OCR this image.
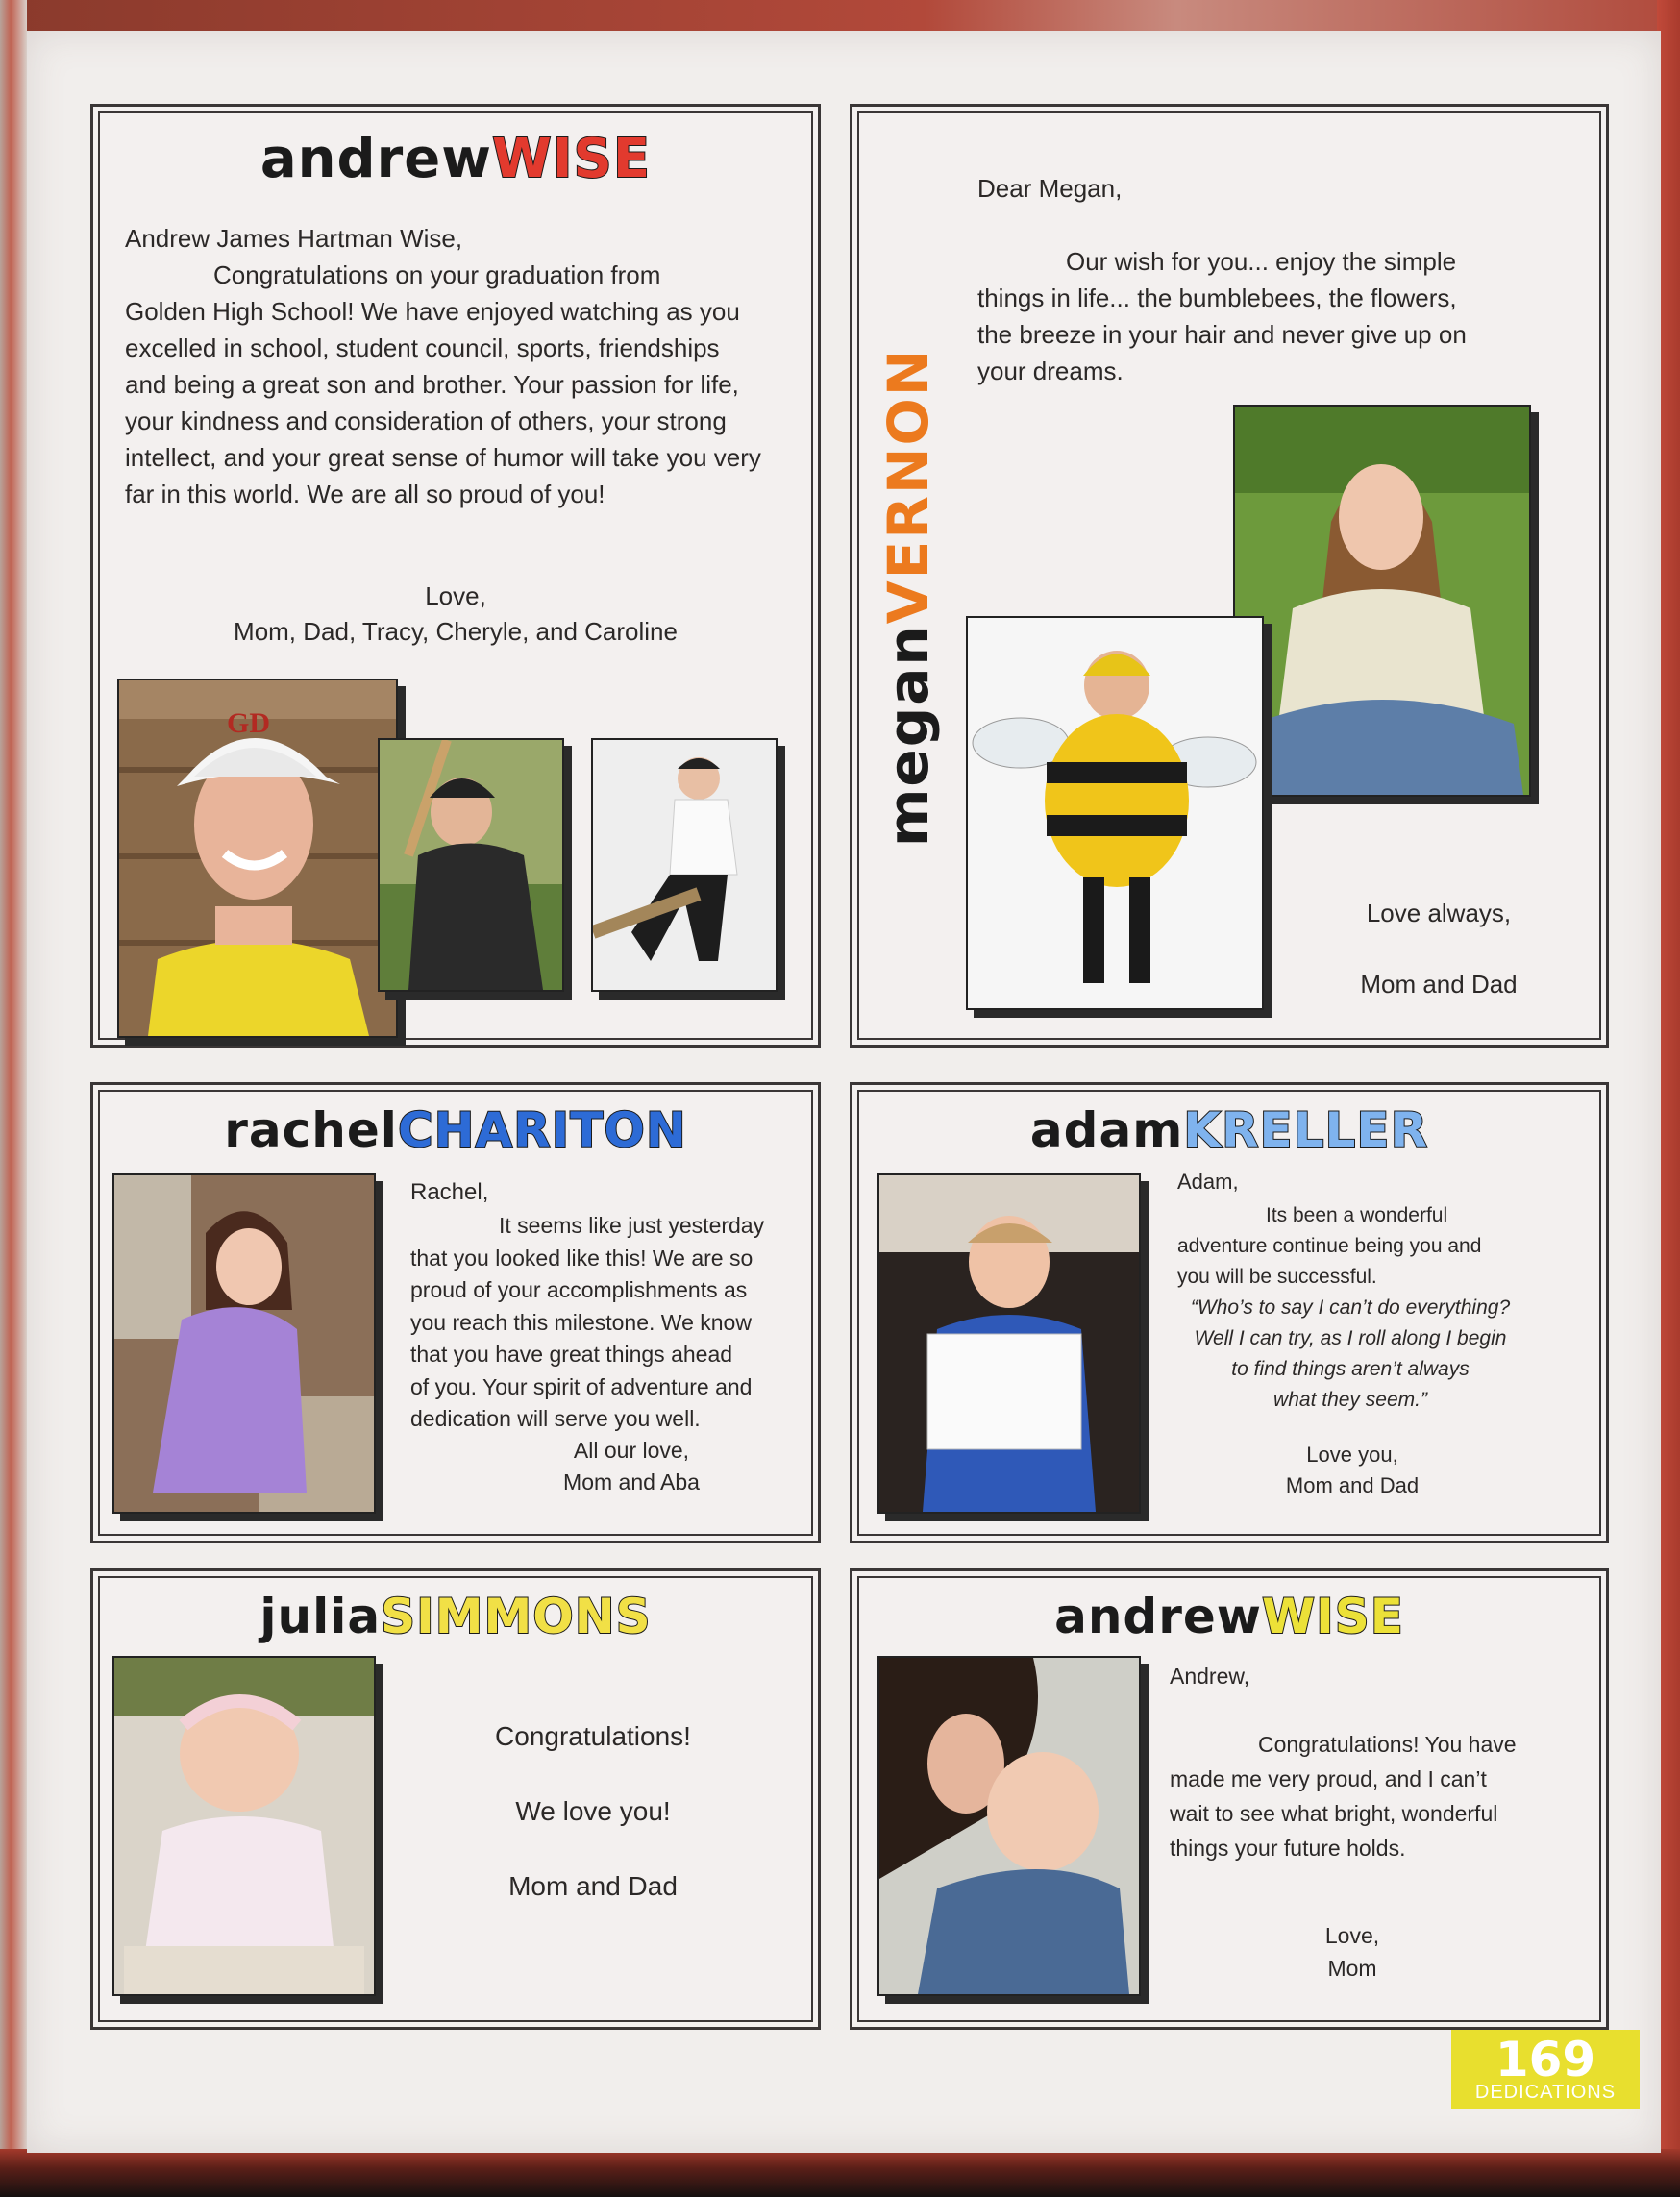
andrewWISE
Andrew James Hartman Wise,
Congratulations on your graduation from
Golden High School! We have enjoyed watching as you
excelled in school, student council, sports, friendships
and being a great son and brother. Your passion for life,
your kindness and consideration of others, your strong
intellect, and your great sense of humor will take you very
far in this world. We are all so proud of you!
Love,
Mom, Dad, Tracy, Cheryle, and Caroline
GD	meganVERNON
Dear Megan,
Our wish for you... enjoy the simple
things in life... the bumblebees, the flowers,
the breeze in your hair and never give up on
your dreams.
Love always,
Mom and Dad
rachelCHARITON
Rachel,
It seems like just yesterday
that you looked like this! We are so
proud of your accomplishments as
you reach this milestone. We know
that you have great things ahead
of you. Your spirit of adventure and
dedication will serve you well.
All our love,
Mom and Aba
adamKRELLER
Adam,
Its been a wonderful
adventure continue being you and
you will be successful.
“Who’s to say I can’t do everything?
Well I can try, as I roll along I begin
to find things aren’t always
what they seem.”
Love you,
Mom and Dad
juliaSIMMONS
Congratulations!
We love you!
Mom and Dad
andrewWISE
Andrew,
Congratulations! You have
made me very proud, and I can’t
wait to see what bright, wonderful
things your future holds.
Love,
Mom
169
DEDICATIONS
